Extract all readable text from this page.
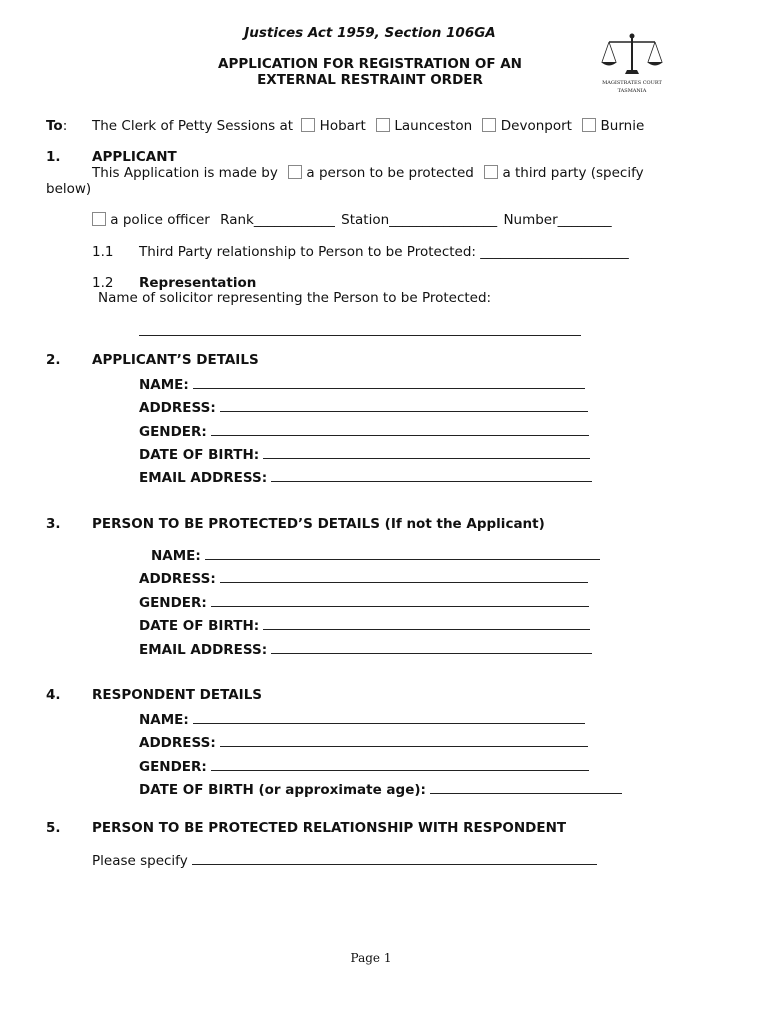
Justices Act 1959, Section 106GA
APPLICATION FOR REGISTRATION OF AN
EXTERNAL RESTRAINT ORDER	MAGISTRATES COURT
TASMANIA
To: The Clerk of Petty Sessions at Hobart Launceston Devonport Burnie
1. APPLICANT
This Application is made by a person to be protected a third party (specify
below)
a police officer Rank____________ Station________________ Number________
1.1 Third Party relationship to Person to be Protected: ______________________
1.2 Representation
Name of solicitor representing the Person to be Protected:
2. APPLICANT’S DETAILS
NAME:
ADDRESS:
GENDER:
DATE OF BIRTH:
EMAIL ADDRESS:
3. PERSON TO BE PROTECTED’S DETAILS (If not the Applicant)
NAME:
ADDRESS:
GENDER:
DATE OF BIRTH:
EMAIL ADDRESS:
4. RESPONDENT DETAILS
NAME:
ADDRESS:
GENDER:
DATE OF BIRTH (or approximate age):
5. PERSON TO BE PROTECTED RELATIONSHIP WITH RESPONDENT
Please specify
Page 1
